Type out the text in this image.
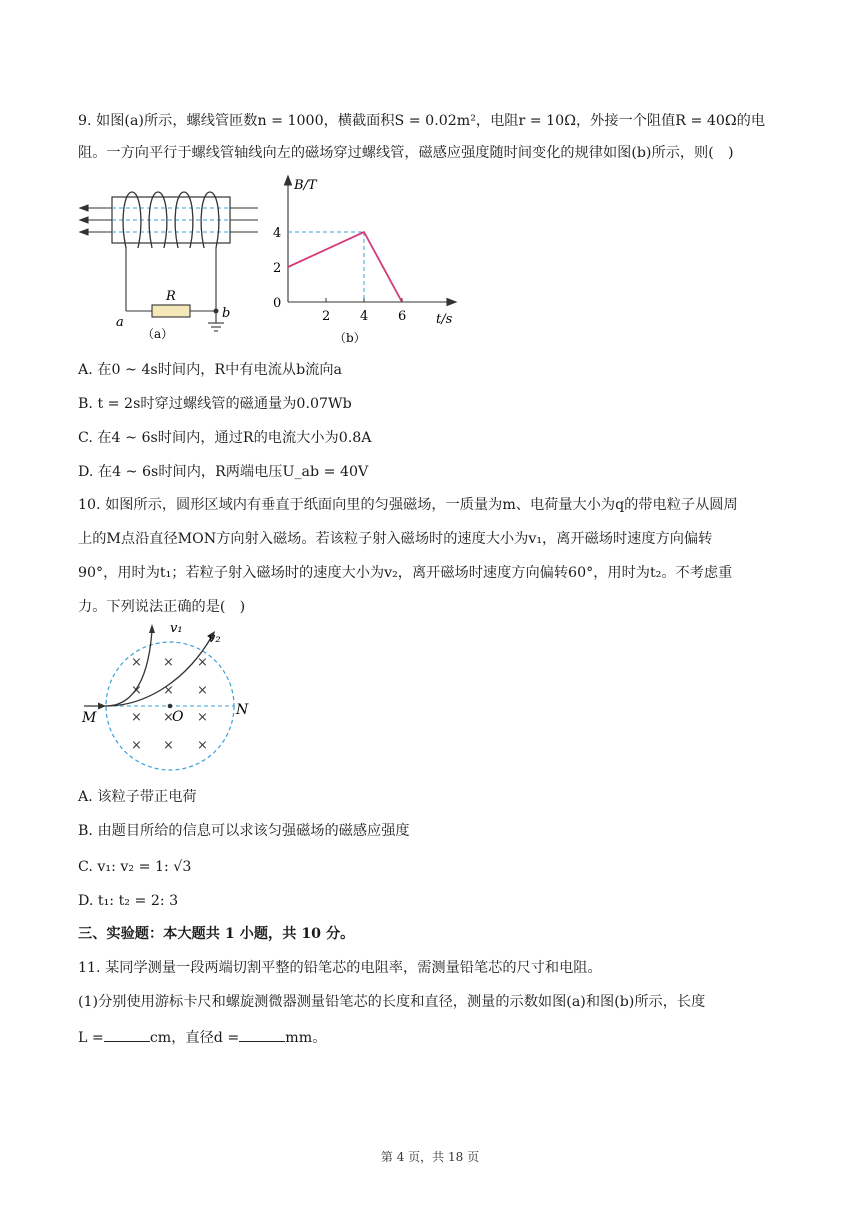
9. 如图(a)所示，螺线管匝数n = 1000，横截面积S = 0.02m²，电阻r = 10Ω，外接一个阻值R = 40Ω的电
阻。一方向平行于螺线管轴线向左的磁场穿过螺线管，磁感应强度随时间变化的规律如图(b)所示，则(　)
R
a
b
（a）
B/T
t/s
0
（b）
2 4 6
2
4
A. 在0 ~ 4s时间内，R中有电流从b流向a
B. t = 2s时穿过螺线管的磁通量为0.07Wb
C. 在4 ~ 6s时间内，通过R的电流大小为0.8A
D. 在4 ~ 6s时间内，R两端电压U_ab = 40V
10. 如图所示，圆形区域内有垂直于纸面向里的匀强磁场，一质量为m、电荷量大小为q的带电粒子从圆周
上的M点沿直径MON方向射入磁场。若该粒子射入磁场时的速度大小为v₁，离开磁场时速度方向偏转
90°，用时为t₁；若粒子射入磁场时的速度大小为v₂，离开磁场时速度方向偏转60°，用时为t₂。不考虑重
力。下列说法正确的是(　)
× × ×
× × ×
× × ×
× × ×
M	O	N
v₁
v₂
A. 该粒子带正电荷
B. 由题目所给的信息可以求该匀强磁场的磁感应强度
C. v₁: v₂ = 1: √3
D. t₁: t₂ = 2: 3
三、实验题：本大题共 1 小题，共 10 分。
11. 某同学测量一段两端切割平整的铅笔芯的电阻率，需测量铅笔芯的尺寸和电阻。
(1)分别使用游标卡尺和螺旋测微器测量铅笔芯的长度和直径，测量的示数如图(a)和图(b)所示，长度
L =	cm，直径d =	mm。
第 4 页，共 18 页
